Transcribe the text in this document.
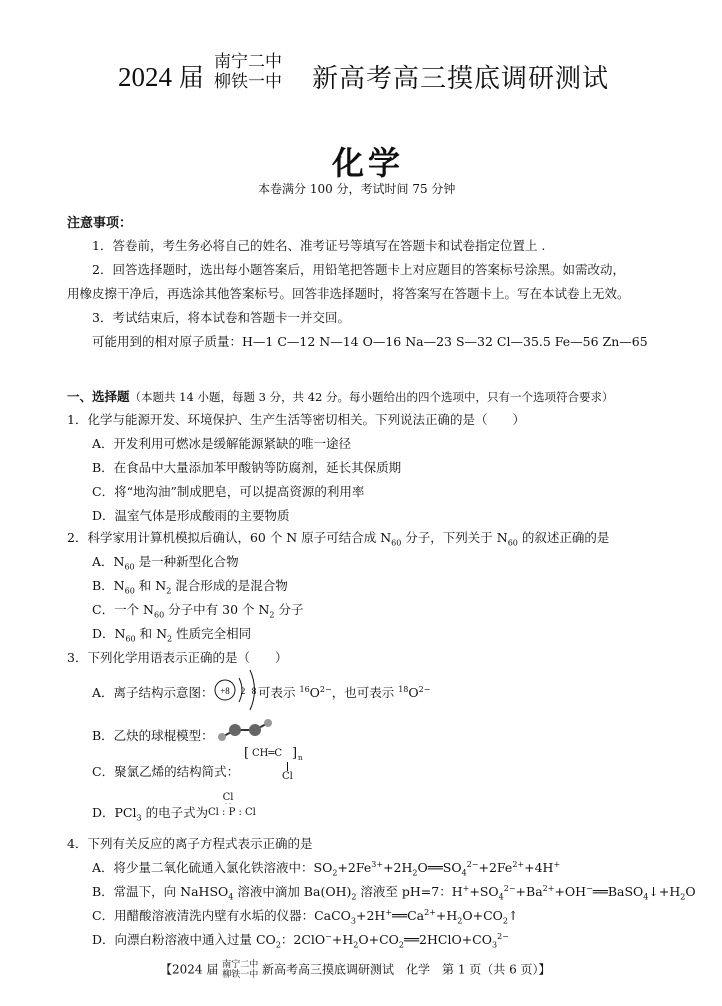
2024 届
南宁二中
柳铁一中 新高考高三摸底调研测试
化学
本卷满分 100 分，考试时间 75 分钟
注意事项：
1．答卷前，考生务必将自己的姓名、准考证号等填写在答题卡和试卷指定位置上 .
2．回答选择题时，选出每小题答案后，用铅笔把答题卡上对应题目的答案标号涂黑。如需改动，
用橡皮擦干净后，再选涂其他答案标号。回答非选择题时，将答案写在答题卡上。写在本试卷上无效。
3．考试结束后，将本试卷和答题卡一并交回。
可能用到的相对原子质量：H—1 C—12 N—14 O—16 Na—23 S—32 Cl—35.5 Fe—56 Zn—65
一、选择题（本题共 14 小题，每题 3 分，共 42 分。每小题给出的四个选项中，只有一个选项符合要求）
1．化学与能源开发、环境保护、生产生活等密切相关。下列说法正确的是（　　）
A．开发利用可燃冰是缓解能源紧缺的唯一途径
B．在食品中大量添加苯甲酸钠等防腐剂，延长其保质期
C．将“地沟油”制成肥皂，可以提高资源的利用率
D．温室气体是形成酸雨的主要物质
2．科学家用计算机模拟后确认，60 个 N 原子可结合成 $N_{60}$ 分子，下列关于 $N_{60}$ 的叙述正确的是
A．$N_{60}$ 是一种新型化合物
B．$N_{60}$ 和 $N_2$ 混合形成的是混合物
C．一个 $N_{60}$ 分子中有 30 个 $N_2$ 分子
D．$N_{60}$ 和 $N_2$ 性质完全相同
3．下列化学用语表示正确的是（　　）
A．离子结构示意图： +8 2 8 可表示 $^{16}O^{2-}$，也可表示 $^{18}O^{2-}$
B．乙炔的球棍模型：
C．聚氯乙烯的结构简式：
[ CH═C ] n
Cl
D．PCl$_3$ 的电子式为
Cl
· ·
Cl : P : Cl
4．下列有关反应的离子方程式表示正确的是
A．将少量二氧化硫通入氯化铁溶液中：$SO_2+2Fe^{3+}+2H_2O══SO_4^{2-}+2Fe^{2+}+4H^+$
B．常温下，向 NaHSO$_4$ 溶液中滴加 $Ba(OH)_2$ 溶液至 pH=7：$H^++SO_4^{2-}+Ba^{2+}+OH^-══BaSO_4↓+H_2O$
C．用醋酸溶液清洗内壁有水垢的仪器：$CaCO_3+2H^+══Ca^{2+}+H_2O+CO_2↑$
D．向漂白粉溶液中通入过量 $CO_2$：$2ClO^-+H_2O+CO_2══2HClO+CO_3^{2-}$
【2024 届 南宁二中
柳铁一中 新高考高三摸底调研测试　化学　第 1 页（共 6 页）】
